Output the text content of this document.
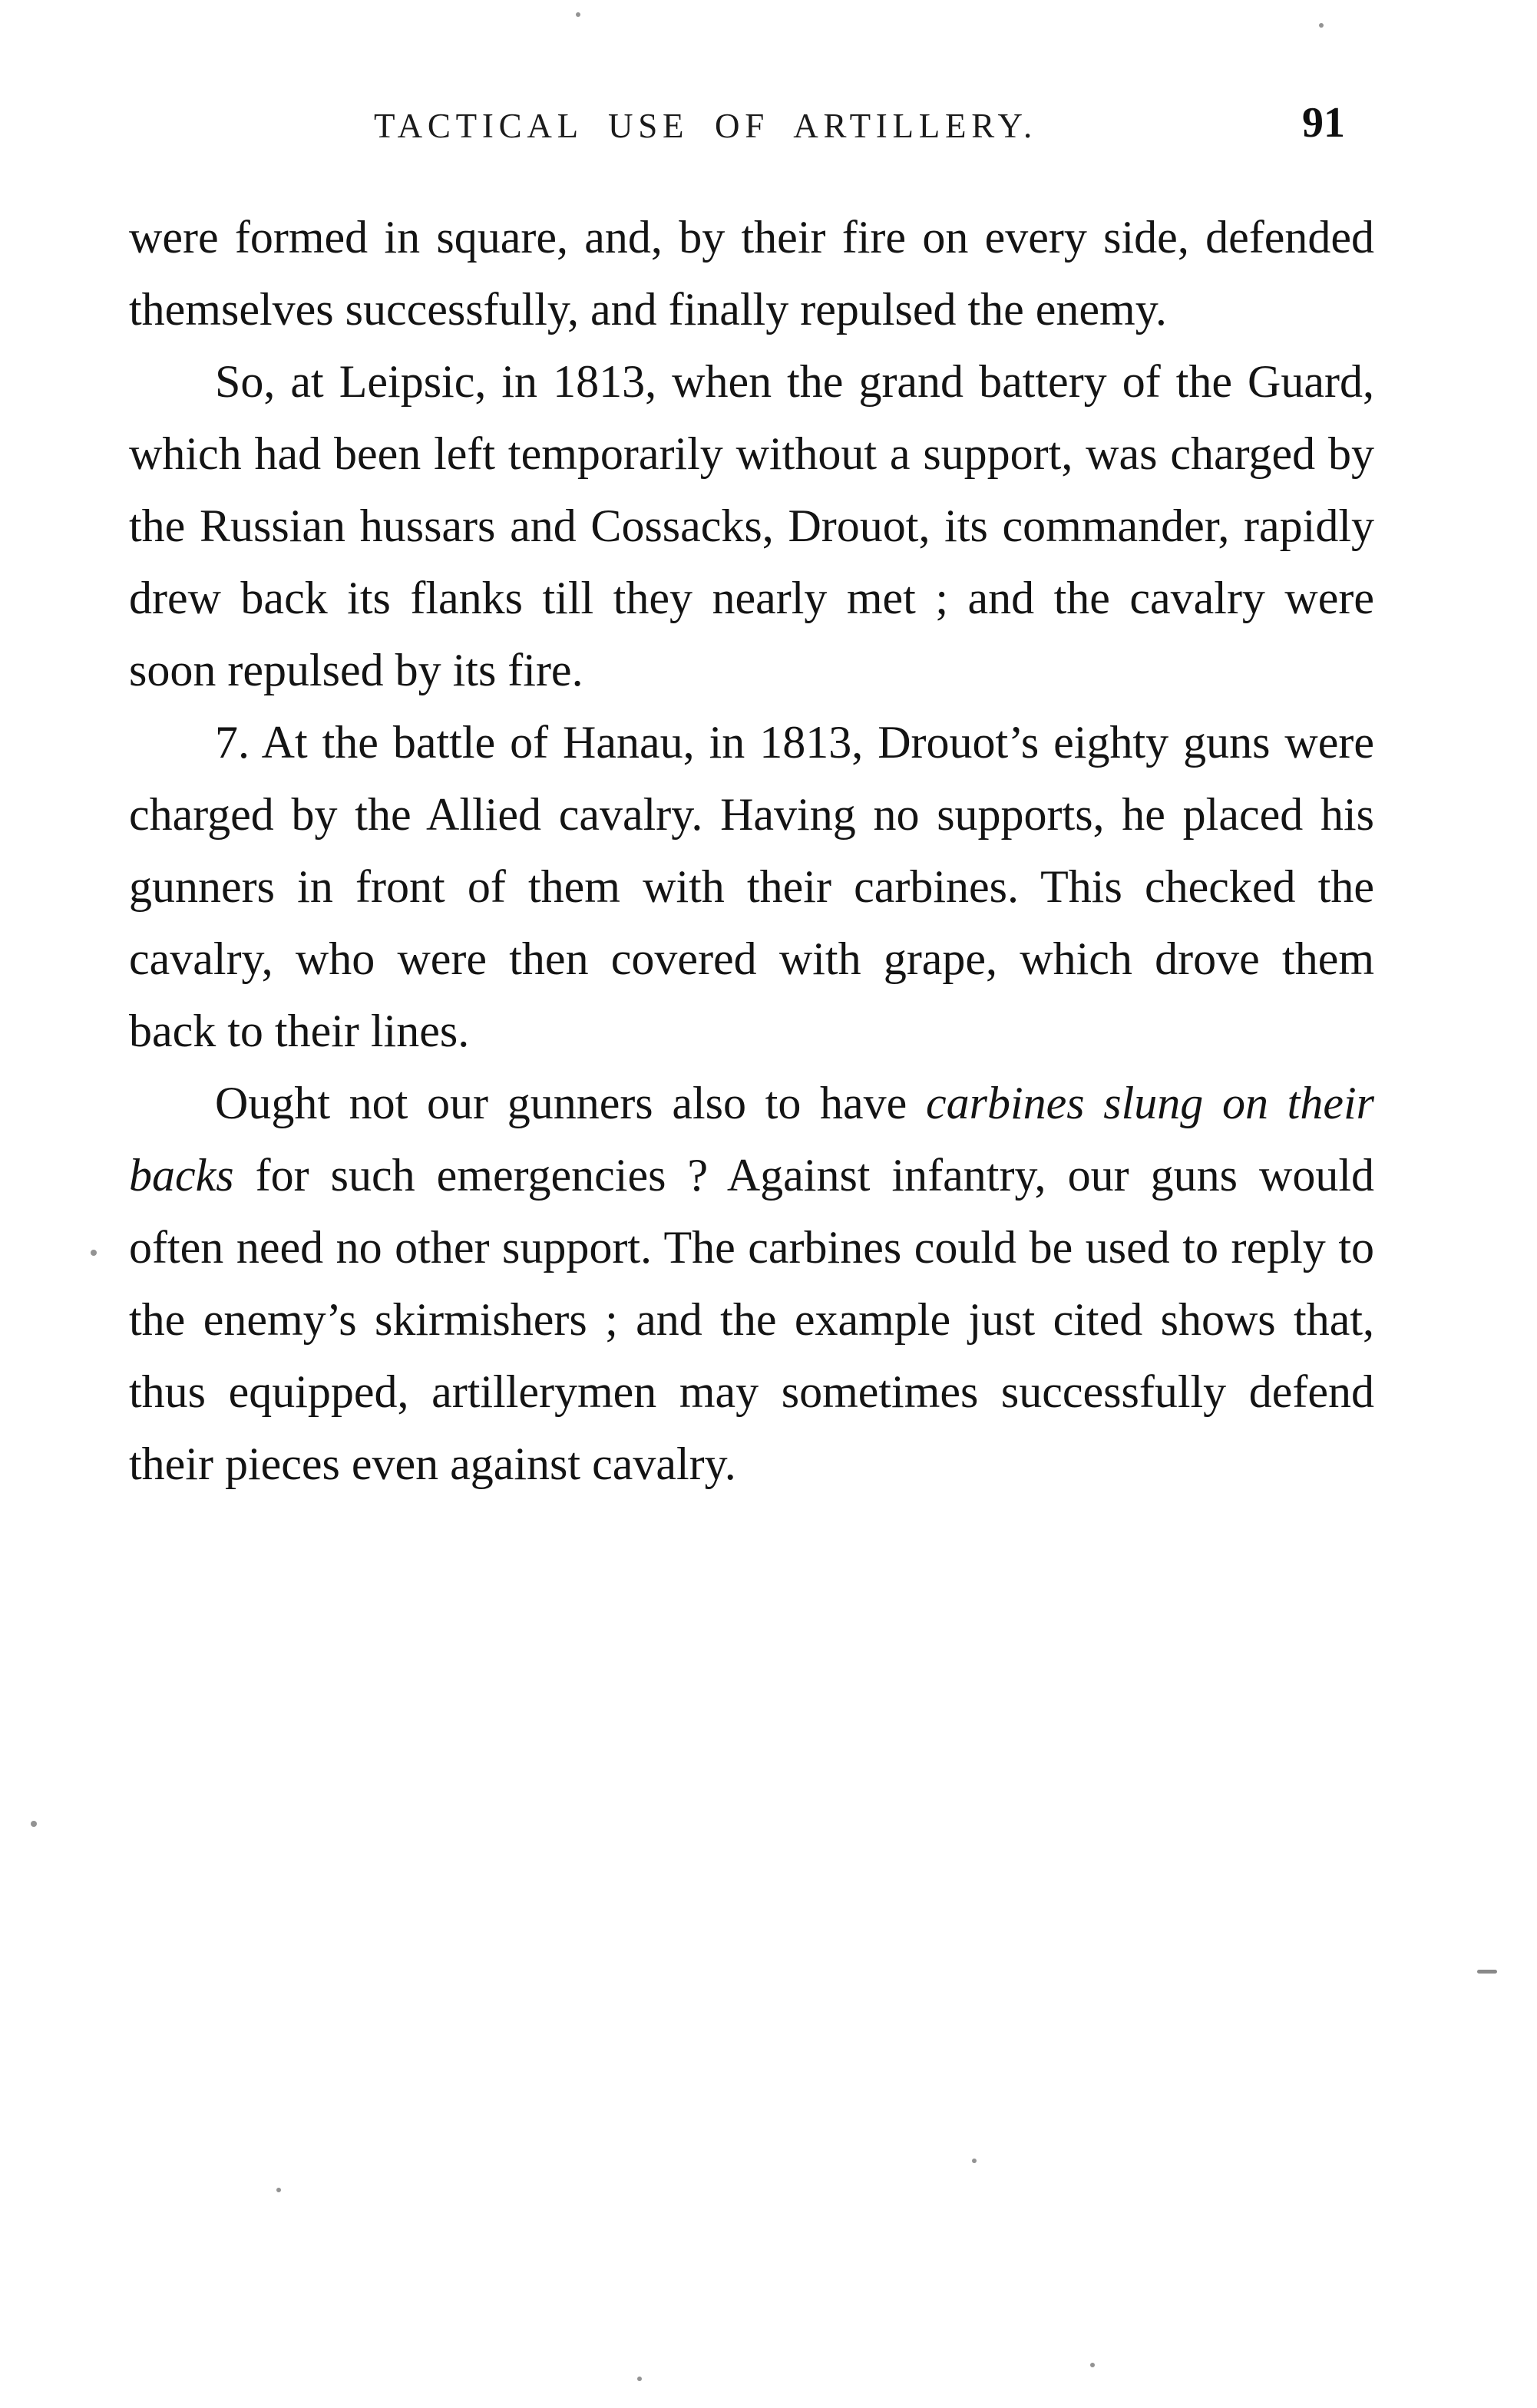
TACTICAL USE OF ARTILLERY.	91

were formed in square, and, by their fire on every side, defended themselves successfully, and finally repulsed the enemy.

So, at Leipsic, in 1813, when the grand battery of the Guard, which had been left temporarily without a support, was charged by the Russian hussars and Cossacks, Drouot, its commander, rapidly drew back its flanks till they nearly met ; and the cavalry were soon repulsed by its fire.

7. At the battle of Hanau, in 1813, Drouot’s eighty guns were charged by the Allied cavalry. Having no supports, he placed his gunners in front of them with their carbines. This checked the cavalry, who were then covered with grape, which drove them back to their lines.

Ought not our gunners also to have carbines slung on their backs for such emergencies ? Against infantry, our guns would often need no other support. The carbines could be used to reply to the enemy’s skirmishers ; and the example just cited shows that, thus equipped, artillerymen may sometimes successfully defend their pieces even against cavalry.
